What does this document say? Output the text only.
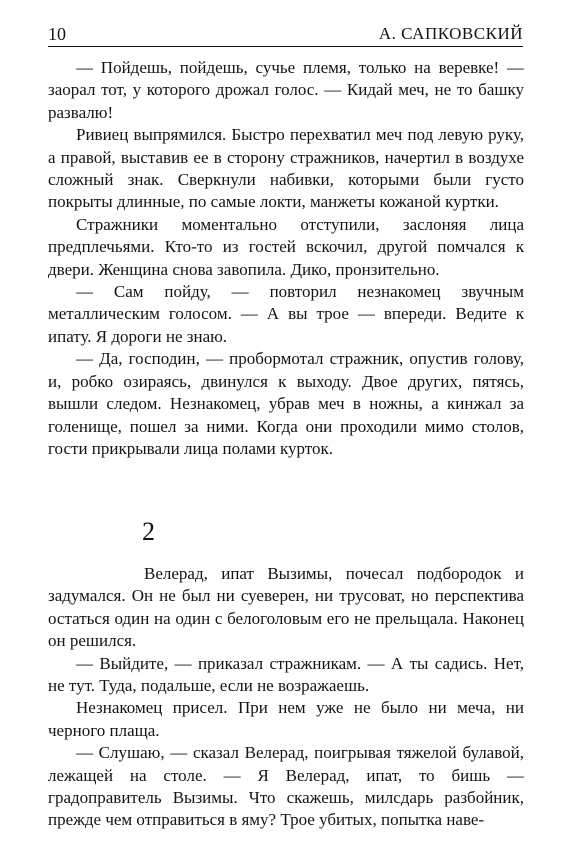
10	А. САПКОВСКИЙ

— Пойдешь, пойдешь, сучье племя, только на веревке! — заорал тот, у которого дрожал голос. — Кидай меч, не то башку развалю!

Ривиец выпрямился. Быстро перехватил меч под левую руку, а правой, выставив ее в сторону стражников, начертил в воздухе сложный знак. Сверкнули набивки, которыми были густо покрыты длинные, по самые локти, манжеты кожаной куртки.

Стражники моментально отступили, заслоняя лица предплечьями. Кто-то из гостей вскочил, другой помчался к двери. Женщина снова завопила. Дико, пронзительно.

— Сам пойду, — повторил незнакомец звучным металлическим голосом. — А вы трое — впереди. Ведите к ипату. Я дороги не знаю.

— Да, господин, — пробормотал стражник, опустив голову, и, робко озираясь, двинулся к выходу. Двое других, пятясь, вышли следом. Незнакомец, убрав меч в ножны, а кинжал за голенище, пошел за ними. Когда они проходили мимо столов, гости прикрывали лица полами курток.

2

Велерад, ипат Вызимы, почесал подбородок и задумался. Он не был ни суеверен, ни трусоват, но перспектива остаться один на один с белоголовым его не прельщала. Наконец он решился.

— Выйдите, — приказал стражникам. — А ты садись. Нет, не тут. Туда, подальше, если не возражаешь.

Незнакомец присел. При нем уже не было ни меча, ни черного плаща.

— Слушаю, — сказал Велерад, поигрывая тяжелой булавой, лежащей на столе. — Я Велерад, ипат, то бишь — градоправитель Вызимы. Что скажешь, милсдарь разбойник, прежде чем отправиться в яму? Трое убитых, попытка наве-
